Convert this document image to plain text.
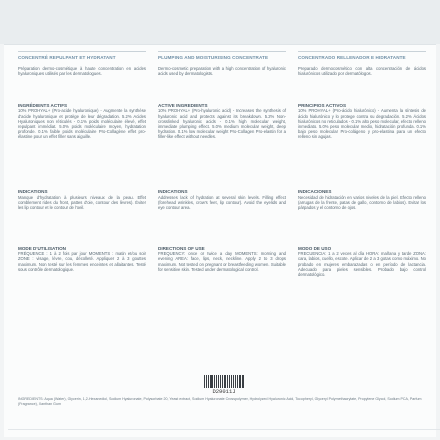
CONCENTRÉ REPULPANT ET HYDRATANT
Préparation dermo-cosmétique à haute concentration en acides hyaluroniques utilisés par les dermatologues.
INGRÉDIENTS ACTIFS
10% PROHYAL+ (Pro-acide hyaluronique) - Augmente la synthèse d'acide hyaluronique et protège de leur dégradation. 5.2% Acides Hyaluroniques non réticulés - 0.1% poids moléculaire élevé, effet repulpant immédiat. 5.0% poids moléculaire moyen, hydratation profonde. 0.1% faible poids moléculaire Pro-Collagène effet pro-élastine pour un effet filler sans aiguille.
INDICATIONS
Manque d'hydratation à plusieurs niveaux de la peau. Effet comblement rides du front, pattes d'oie, contour des lèvres). Éviter les lip contour et le contour de l'oeil.
MODE D'UTILISATION
FRÉQUENCE : 1 à 2 fois par jour MOMENTS : matin et/ou soir ZONE : visage, lèvre, cou, décolleté. Appliquer 2 à 3 gouttes maximum. Non testé sur les femmes enceintes et allaitantes. Testé sous contrôle dermatologique.
PLUMPING AND MOISTURISING CONCENTRATE
Dermo-cosmetic preparation with a high concentration of hyaluronic acids used by dermatologists.
ACTIVE INGREDIENTS
10% PROHYAL+ (Pro-hyaluronic acid) - Increases the synthesis of hyaluronic acid and protects against its breakdown. 5.2% Non-crosslinked hyaluronic acids - 0.1% high molecular weight, immediate plumping effect. 5.0% medium molecular weight, deep hydration. 0.1% low molecular weight Pro-Collagen Pro-elastin for a filler-like effect without needles.
INDICATIONS
Addresses lack of hydration at several skin levels. Filling effect (forehead wrinkles, crow's feet, lip contour). Avoid the eyelids and eye contour area.
DIRECTIONS OF USE
FREQUENCY: once or twice a day MOMENTS: morning and evening AREA: face, lips, neck, neckline. Apply 2 to 3 drops maximum. Not tested on pregnant or breastfeeding women. Suitable for sensitive skin. Tested under dermatological control.
CONCENTRADO RELLENADOR E HIDRATANTE
Preparado dermocosmético con alta concentración de ácidos hialurónicos utilizado por dermatólogos.
PRINCIPIOS ACTIVOS
10% PROHYAL+ (Pro-ácido hialurónico) - Aumenta la síntesis de ácido hialurónico y lo protege contra su degradación. 5.2% Ácidos hialurónicos no reticulados - 0.1% alto peso molecular, efecto relleno inmediato. 5.0% peso molecular medio, hidratación profunda. 0.1% bajo peso molecular Pro-colágeno y pro-elastina para un efecto relleno sin agujas.
INDICACIONES
Necesidad de hidratación en varios niveles de la piel. Efecto relleno (arrugas de la frente, patas de gallo, contorno de labios). Evitar los párpados y el contorno de ojos.
MODO DE USO
FRECUENCIA: 1 a 2 veces al día HORA: mañana y tarde ZONA: cara, labios, cuello, escote. Aplicar de 2 a 3 gotas como máximo. No probado en mujeres embarazadas o en período de lactancia. Adecuado para pieles sensibles. Probado bajo control dermatológico.
D29011J
INGREDIENTS: Aqua (Water), Glycerin, 1,2-Hexanediol, Sodium Hyaluronate, Polysorbate 20, Yeast extract, Sodium Hyaluronate Crosspolymer, Hydrolyzed Hyaluronic Acid, Tocopheryl, Glyceryl Polymethacrylate, Propylene Glycol, Sodium PCA, Parfum (Fragrance), Xanthan Gum
